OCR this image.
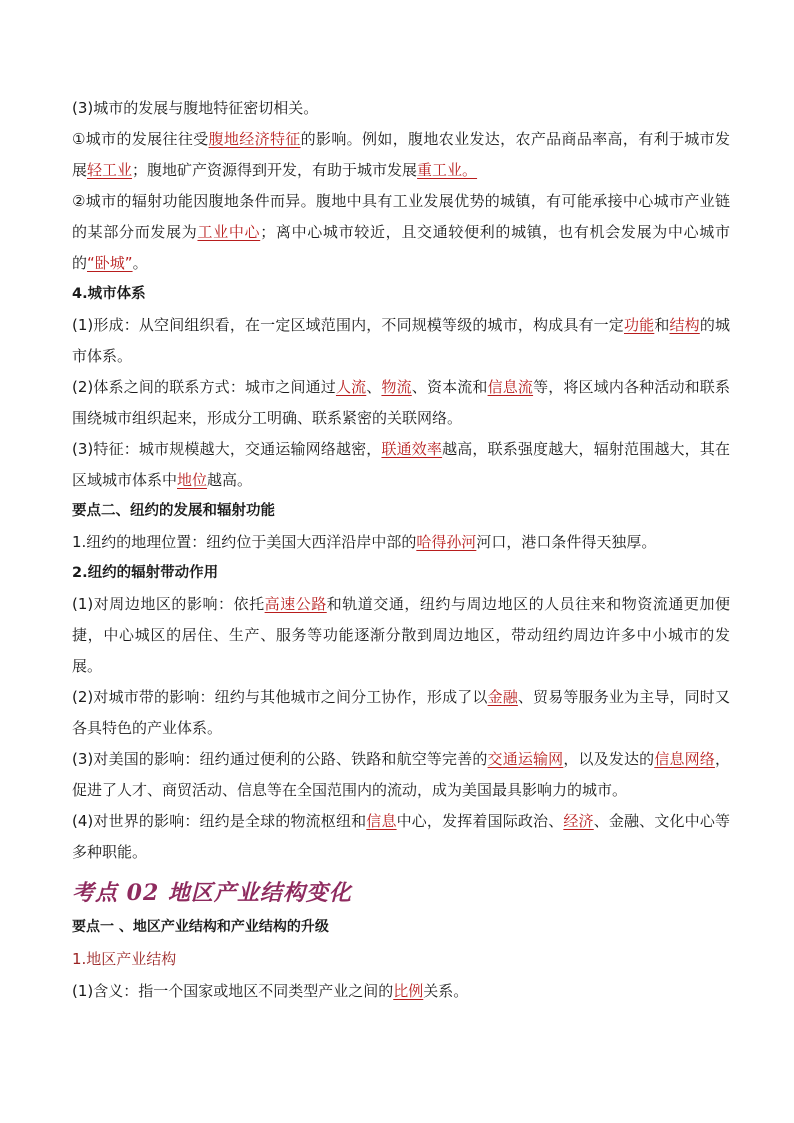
(3)城市的发展与腹地特征密切相关。

①城市的发展往往受腹地经济特征的影响。例如，腹地农业发达，农产品商品率高，有利于城市发展轻工业；腹地矿产资源得到开发，有助于城市发展重工业。

②城市的辐射功能因腹地条件而异。腹地中具有工业发展优势的城镇，有可能承接中心城市产业链的某部分而发展为工业中心；离中心城市较近，且交通较便利的城镇，也有机会发展为中心城市的“卧城”。

4.城市体系

(1)形成：从空间组织看，在一定区域范围内，不同规模等级的城市，构成具有一定功能和结构的城市体系。

(2)体系之间的联系方式：城市之间通过人流、物流、资本流和信息流等，将区域内各种活动和联系围绕城市组织起来，形成分工明确、联系紧密的关联网络。

(3)特征：城市规模越大，交通运输网络越密，联通效率越高，联系强度越大，辐射范围越大，其在区域城市体系中地位越高。

要点二、纽约的发展和辐射功能

1.纽约的地理位置：纽约位于美国大西洋沿岸中部的哈得孙河河口，港口条件得天独厚。

2.纽约的辐射带动作用

(1)对周边地区的影响：依托高速公路和轨道交通，纽约与周边地区的人员往来和物资流通更加便捷，中心城区的居住、生产、服务等功能逐渐分散到周边地区，带动纽约周边许多中小城市的发展。

(2)对城市带的影响：纽约与其他城市之间分工协作，形成了以金融、贸易等服务业为主导，同时又各具特色的产业体系。

(3)对美国的影响：纽约通过便利的公路、铁路和航空等完善的交通运输网，以及发达的信息网络，促进了人才、商贸活动、信息等在全国范围内的流动，成为美国最具影响力的城市。

(4)对世界的影响：纽约是全球的物流枢纽和信息中心，发挥着国际政治、经济、金融、文化中心等多种职能。

考点 02 地区产业结构变化

要点一 、地区产业结构和产业结构的升级

1.地区产业结构

(1)含义：指一个国家或地区不同类型产业之间的比例关系。
